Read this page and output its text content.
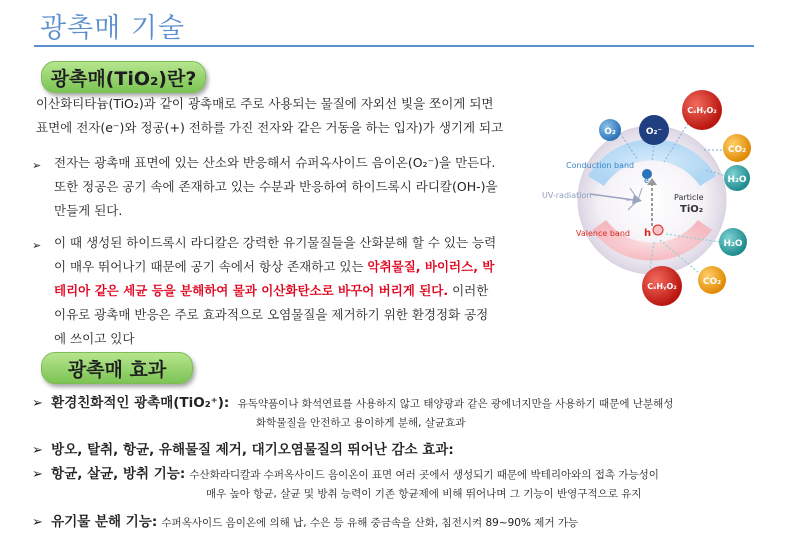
광촉매 기술
광촉매(TiO₂)란?
이산화티타늄(TiO₂)과 같이 광촉매로 주로 사용되는 물질에 자외선 빛을 쪼이게 되면
표면에 전자(e⁻)와 정공(+) 전하를 가진 전자와 같은 거동을 하는 입자)가 생기게 되고
➢ 전자는 광촉매 표면에 있는 산소와 반응해서 슈퍼옥사이드 음이온(O₂⁻)을 만든다.
또한 정공은 공기 속에 존재하고 있는 수분과 반응하여 하이드록시 라디칼(OH-)을
만들게 된다.
➢ 이 때 생성된 하이드록시 라디칼은 강력한 유기물질들을 산화분해 할 수 있는 능력
이 매우 뛰어나기 때문에 공기 속에서 항상 존재하고 있는 악취물질, 바이러스, 박
테리아 같은 세균 등을 분해하여 물과 이산화탄소로 바꾸어 버리게 된다. 이러한
이유로 광촉매 반응은 주로 효과적으로 오염물질을 제거하기 위한 환경정화 공정
에 쓰이고 있다
e
h
UV-radiation
Conduction band
Valence band
Particle
TiO₂
O₂	O₂⁻
CₓHᵧO₂
CO₂
H₂O
H₂O
CO₂
CₓHᵧO₂
광촉매 효과
➢  환경친화적인 광촉매(TiO₂⁺): 유독약품이나 화석연료를 사용하지 않고 태양광과 같은 광에너지만을 사용하기 때문에 난분해성
화학물질을 안전하고 용이하게 분해, 살균효과
➢  방오, 탈취, 항균, 유해물질 제거, 대기오염물질의 뛰어난 감소 효과:
➢  항균, 살균, 방취 기능: 수산화라디칼과 수퍼옥사이드 음이온이 표면 여러 곳에서 생성되기 때문에 박테리아와의 접촉 가능성이
매우 높아 항균, 살균 및 방취 능력이 기존 항균제에 비해 뛰어나며 그 기능이 반영구적으로 유지
➢  유기물 분해 기능: 수퍼옥사이드 음이온에 의해 납, 수은 등 유해 중금속을 산화, 침전시켜 89~90% 제거 가능
